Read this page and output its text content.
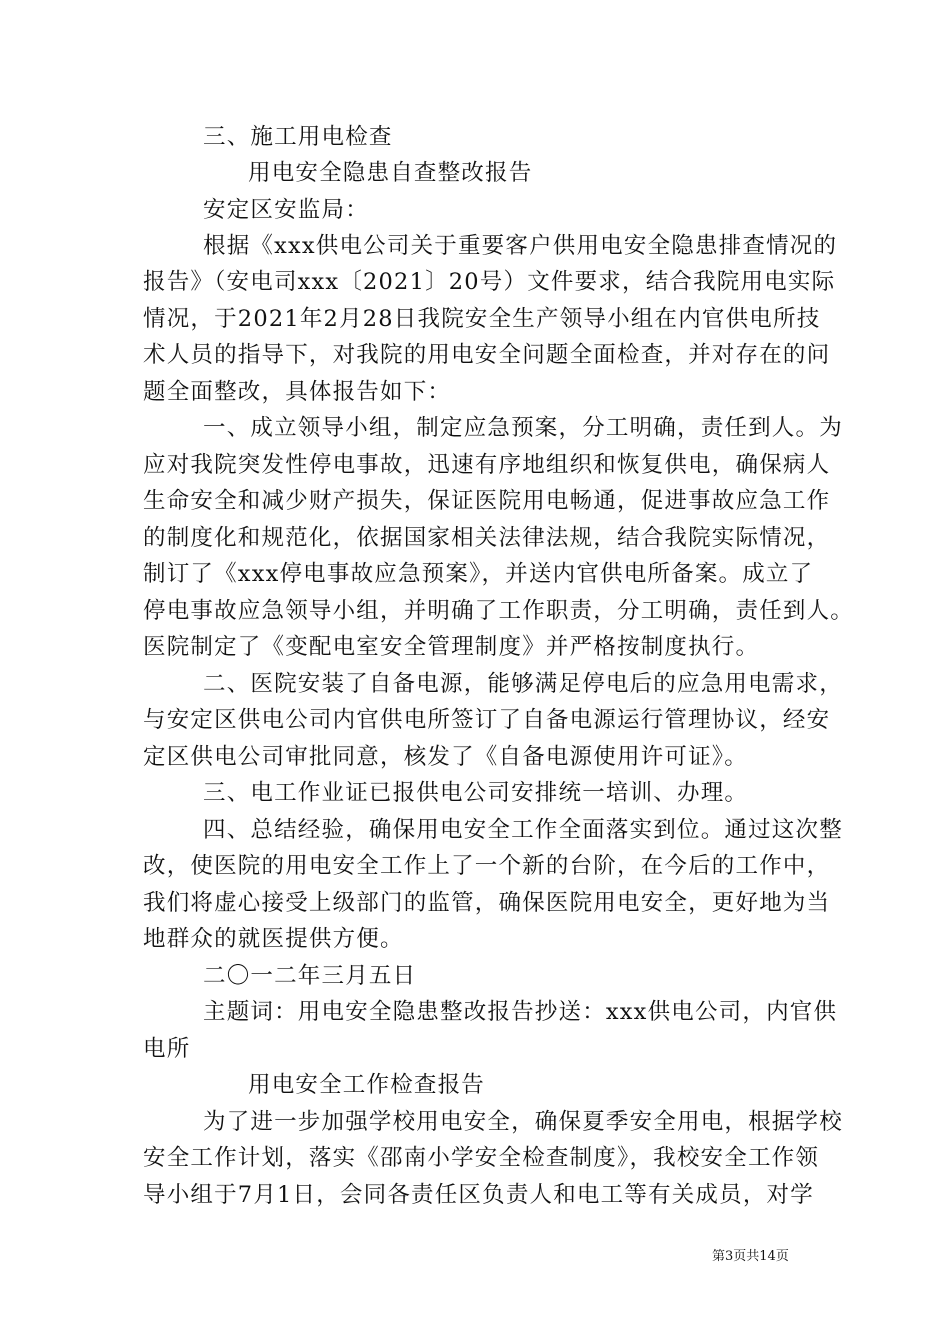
三、施工用电检查
用电安全隐患自查整改报告
安定区安监局：
根据《xxx供电公司关于重要客户供用电安全隐患排查情况的
报告》（安电司xxx〔2021〕20号）文件要求，结合我院用电实际
情况，于2021年2月28日我院安全生产领导小组在内官供电所技
术人员的指导下，对我院的用电安全问题全面检查，并对存在的问
题全面整改，具体报告如下：
一、成立领导小组，制定应急预案，分工明确，责任到人。为
应对我院突发性停电事故，迅速有序地组织和恢复供电，确保病人
生命安全和减少财产损失，保证医院用电畅通，促进事故应急工作
的制度化和规范化，依据国家相关法律法规，结合我院实际情况，
制订了《xxx停电事故应急预案》，并送内官供电所备案。成立了
停电事故应急领导小组，并明确了工作职责，分工明确，责任到人。
医院制定了《变配电室安全管理制度》并严格按制度执行。
二、医院安装了自备电源，能够满足停电后的应急用电需求，
与安定区供电公司内官供电所签订了自备电源运行管理协议，经安
定区供电公司审批同意，核发了《自备电源使用许可证》。
三、电工作业证已报供电公司安排统一培训、办理。
四、总结经验，确保用电安全工作全面落实到位。通过这次整
改，使医院的用电安全工作上了一个新的台阶，在今后的工作中，
我们将虚心接受上级部门的监管，确保医院用电安全，更好地为当
地群众的就医提供方便。
二〇一二年三月五日
主题词：用电安全隐患整改报告抄送：xxx供电公司，内官供
电所
用电安全工作检查报告
为了进一步加强学校用电安全，确保夏季安全用电，根据学校
安全工作计划，落实《邵南小学安全检查制度》，我校安全工作领
导小组于7月1日，会同各责任区负责人和电工等有关成员，对学
第3页共14页
